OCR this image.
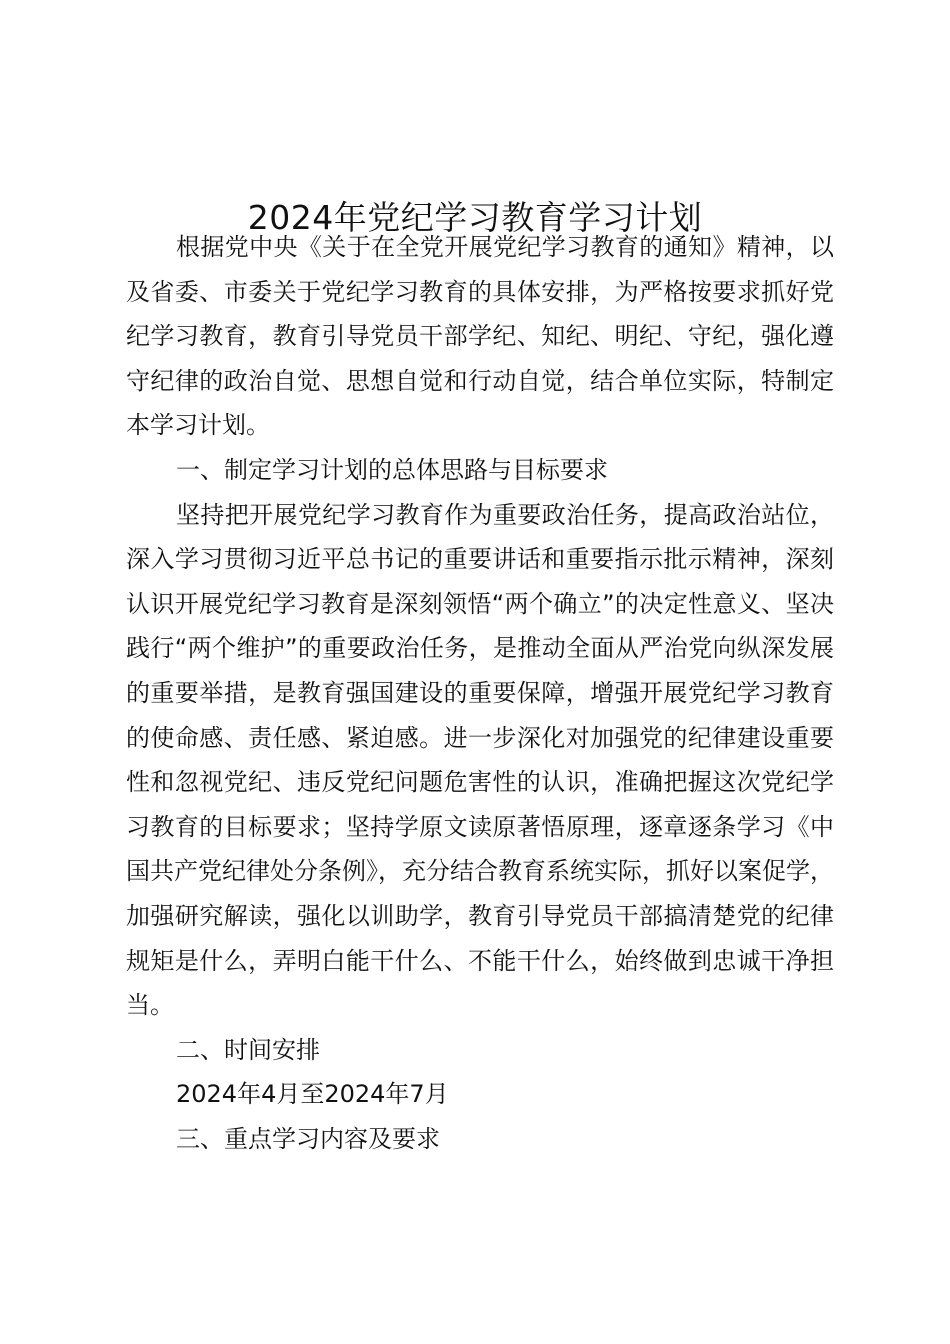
2024年党纪学习教育学习计划

根据党中央《关于在全党开展党纪学习教育的通知》精神，以及省委、市委关于党纪学习教育的具体安排，为严格按要求抓好党纪学习教育，教育引导党员干部学纪、知纪、明纪、守纪，强化遵守纪律的政治自觉、思想自觉和行动自觉，结合单位实际，特制定本学习计划。

一、制定学习计划的总体思路与目标要求

坚持把开展党纪学习教育作为重要政治任务，提高政治站位，深入学习贯彻习近平总书记的重要讲话和重要指示批示精神，深刻认识开展党纪学习教育是深刻领悟“两个确立”的决定性意义、坚决践行“两个维护”的重要政治任务，是推动全面从严治党向纵深发展的重要举措，是教育强国建设的重要保障，增强开展党纪学习教育的使命感、责任感、紧迫感。进一步深化对加强党的纪律建设重要性和忽视党纪、违反党纪问题危害性的认识，准确把握这次党纪学习教育的目标要求；坚持学原文读原著悟原理，逐章逐条学习《中国共产党纪律处分条例》，充分结合教育系统实际，抓好以案促学，加强研究解读，强化以训助学，教育引导党员干部搞清楚党的纪律规矩是什么，弄明白能干什么、不能干什么，始终做到忠诚干净担当。

二、时间安排

2024年4月至2024年7月

三、重点学习内容及要求
